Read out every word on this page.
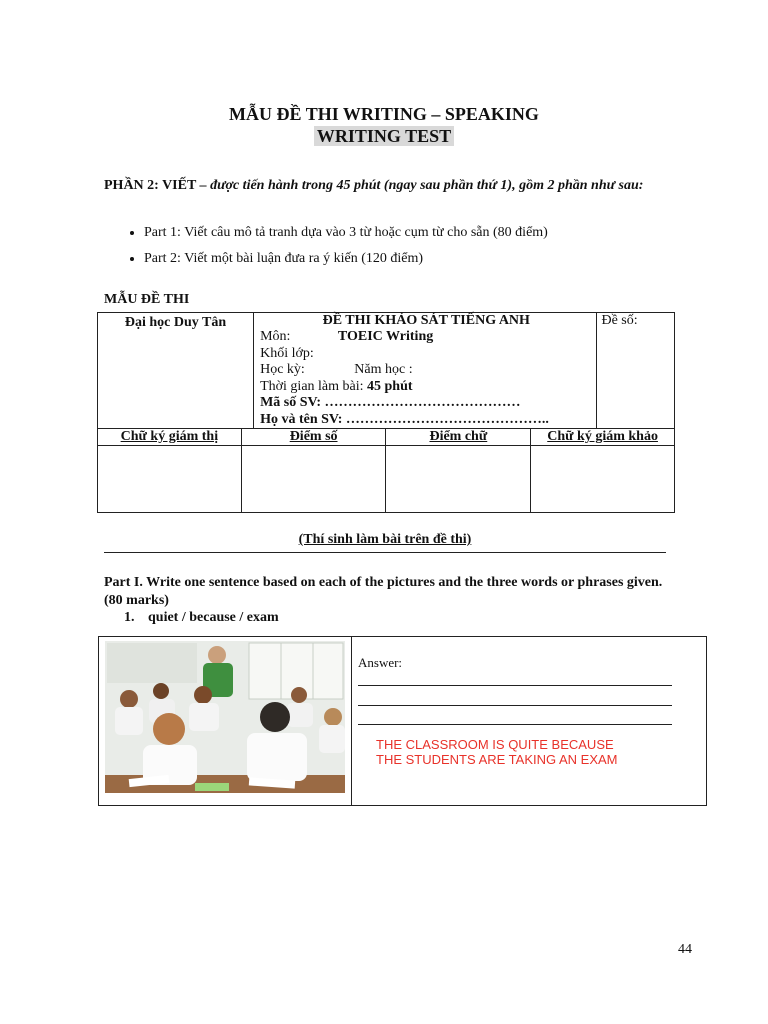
MẪU ĐỀ THI WRITING – SPEAKING
WRITING TEST
PHẦN 2: VIẾT – được tiến hành trong 45 phút (ngay sau phần thứ 1), gồm 2 phần như sau:
• Part 1: Viết câu mô tả tranh dựa vào 3 từ hoặc cụm từ cho sẵn (80 điểm)
• Part 2: Viết một bài luận đưa ra ý kiến (120 điểm)
MẪU ĐỀ THI
Đại học Duy Tân	ĐỀ THI KHẢO SÁT TIẾNG ANH
Môn:	TOEIC Writing
Khối lớp:
Học kỳ:	Năm học :
Thời gian làm bài: 45 phút
Mã số SV: ……………………………………
Họ và tên SV: ……………………………………..
	Đề số:
Chữ ký giám thị	Điểm số	Điểm chữ	Chữ ký giám khảo

(Thí sinh làm bài trên đề thi)
Part I. Write one sentence based on each of the pictures and the three words or phrases given. (80 marks)
1. quiet / because / exam
Answer:
THE CLASSROOM IS QUITE BECAUSE
THE STUDENTS ARE TAKING AN EXAM
44
